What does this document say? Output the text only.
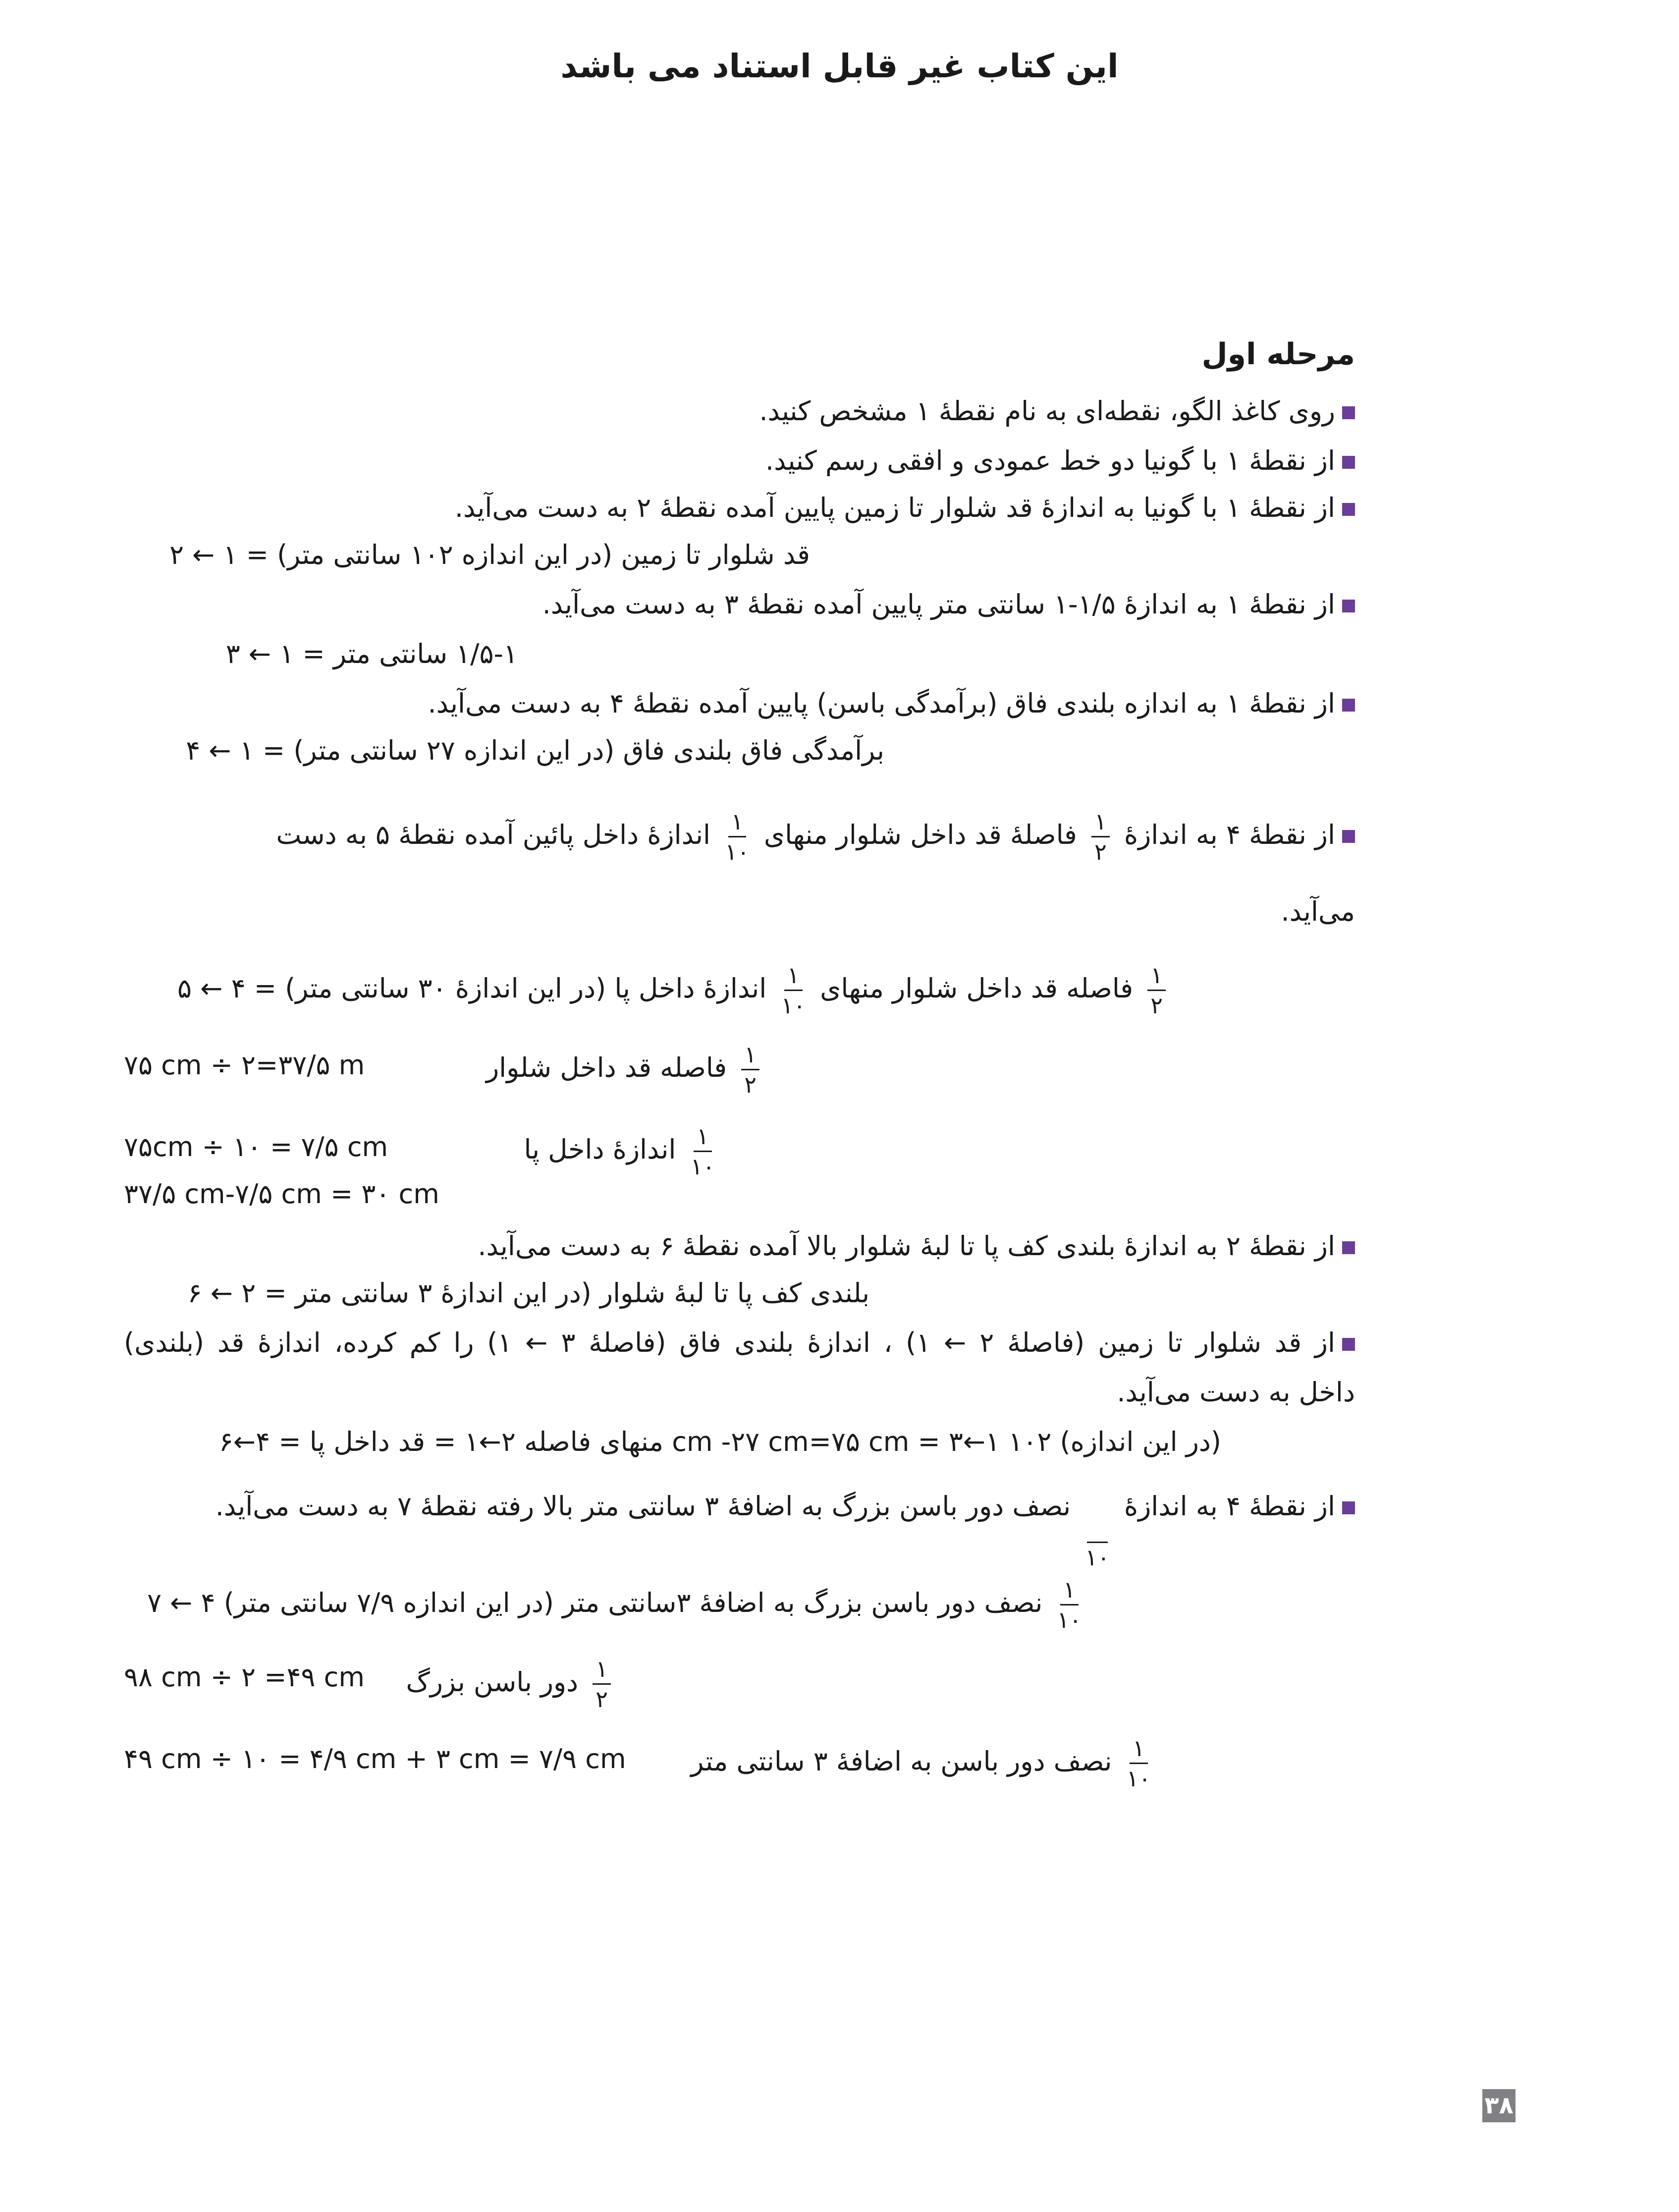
این کتاب غیر قابل استناد می باشد
مرحله اول
روی کاغذ الگو، نقطه‌ای به نام نقطهٔ ۱ مشخص کنید.
از نقطهٔ ۱ با گونیا دو خط عمودی و افقی رسم کنید.
از نقطهٔ ۱ با گونیا به اندازهٔ قد شلوار تا زمین پایین آمده نقطهٔ ۲ به دست می‌آید.
قد شلوار تا زمین (در این اندازه ۱۰۲ سانتی متر) = ۱ ← ۲
از نقطهٔ ۱ به اندازهٔ ۱/۵-۱ سانتی متر پایین آمده نقطهٔ ۳ به دست می‌آید.
۱/۵-۱ سانتی متر = ۱ ← ۳
از نقطهٔ ۱ به اندازه بلندی فاق (برآمدگی باسن) پایین آمده نقطهٔ ۴ به دست می‌آید.
برآمدگی فاق بلندی فاق (در این اندازه ۲۷ سانتی متر) = ۱ ← ۴
از نقطهٔ ۴ به اندازهٔ
$\frac{۱}{۲}$
فاصلهٔ قد داخل شلوار منهای
$\frac{۱}{۱۰}$
اندازهٔ داخل پائین آمده نقطهٔ ۵ به دست
می‌آید.
$\frac{۱}{۲}$
فاصله قد داخل شلوار منهای
$\frac{۱}{۱۰}$
اندازهٔ داخل پا (در این اندازهٔ ۳۰ سانتی متر) = ۴ ← ۵
$\frac{۱}{۲}$
فاصله قد داخل شلوار
۷۵ cm ÷ ۲=۳۷/۵ m
$\frac{۱}{۱۰}$
اندازهٔ داخل پا
۷۵cm ÷ ۱۰ = ۷/۵ cm
۳۷/۵ cm-۷/۵ cm = ۳۰ cm
از نقطهٔ ۲ به اندازهٔ بلندی کف پا تا لبهٔ شلوار بالا آمده نقطهٔ ۶ به دست می‌آید.
بلندی کف پا تا لبهٔ شلوار (در این اندازهٔ ۳ سانتی متر = ۲ ← ۶
از قد شلوار تا زمین (فاصلهٔ ۲ ← ۱) ، اندازهٔ بلندی فاق (فاصلهٔ ۳ ← ۱) را کم کرده، اندازهٔ قد (بلندی)
داخل به دست می‌آید.
(در این اندازه) ۱۰۲ cm -۲۷ cm=۷۵ cm = ۳←۱ منهای فاصله ۲←۱ = قد داخل پا = ۴←۶
از نقطهٔ ۴ به اندازهٔ

۱۰
نصف دور باسن بزرگ به اضافهٔ ۳ سانتی متر بالا رفته نقطهٔ ۷ به دست می‌آید.
$\frac{۱}{۱۰}$
نصف دور باسن بزرگ به اضافهٔ ۳سانتی متر (در این اندازه ۷/۹ سانتی متر) ۴ ← ۷
$\frac{۱}{۲}$
دور باسن بزرگ
۹۸ cm ÷ ۲ =۴۹ cm
$\frac{۱}{۱۰}$
نصف دور باسن به اضافهٔ ۳ سانتی متر
۴۹ cm ÷ ۱۰ = ۴/۹ cm + ۳ cm = ۷/۹ cm
۳۸
